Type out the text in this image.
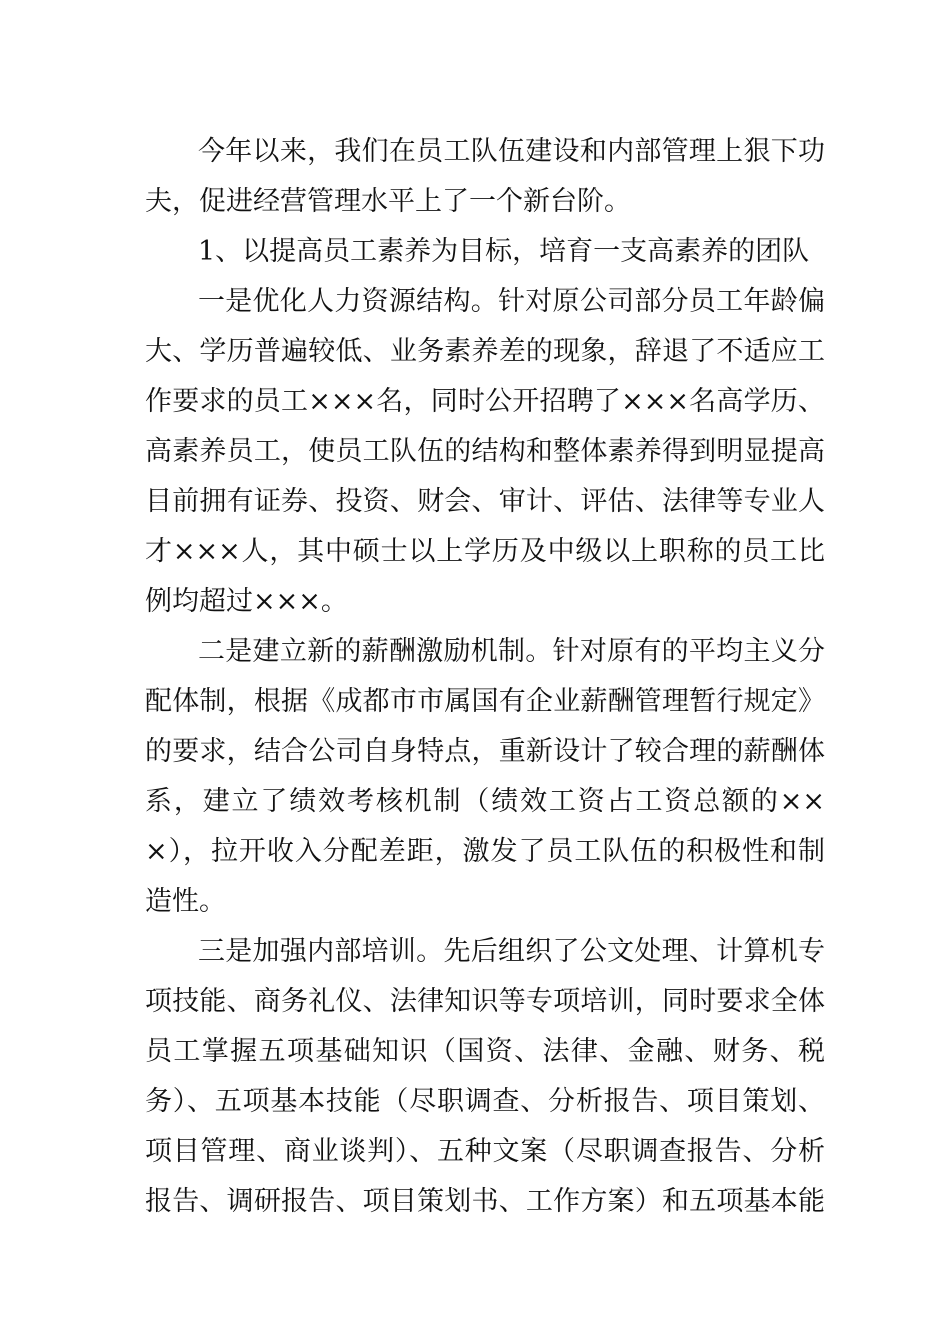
今年以来，我们在员工队伍建设和内部管理上狠下功
夫，促进经营管理水平上了一个新台阶。
1、以提高员工素养为目标，培育一支高素养的团队
一是优化人力资源结构。针对原公司部分员工年龄偏
大、学历普遍较低、业务素养差的现象，辞退了不适应工
作要求的员工×××名，同时公开招聘了×××名高学历、
高素养员工，使员工队伍的结构和整体素养得到明显提高
目前拥有证券、投资、财会、审计、评估、法律等专业人
才×××人，其中硕士以上学历及中级以上职称的员工比
例均超过×××。
二是建立新的薪酬激励机制。针对原有的平均主义分
配体制，根据《成都市市属国有企业薪酬管理暂行规定》
的要求，结合公司自身特点，重新设计了较合理的薪酬体
系，建立了绩效考核机制（绩效工资占工资总额的××
×），拉开收入分配差距，激发了员工队伍的积极性和制
造性。
三是加强内部培训。先后组织了公文处理、计算机专
项技能、商务礼仪、法律知识等专项培训，同时要求全体
员工掌握五项基础知识（国资、法律、金融、财务、税
务）、五项基本技能（尽职调查、分析报告、项目策划、
项目管理、商业谈判）、五种文案（尽职调查报告、分析
报告、调研报告、项目策划书、工作方案）和五项基本能
